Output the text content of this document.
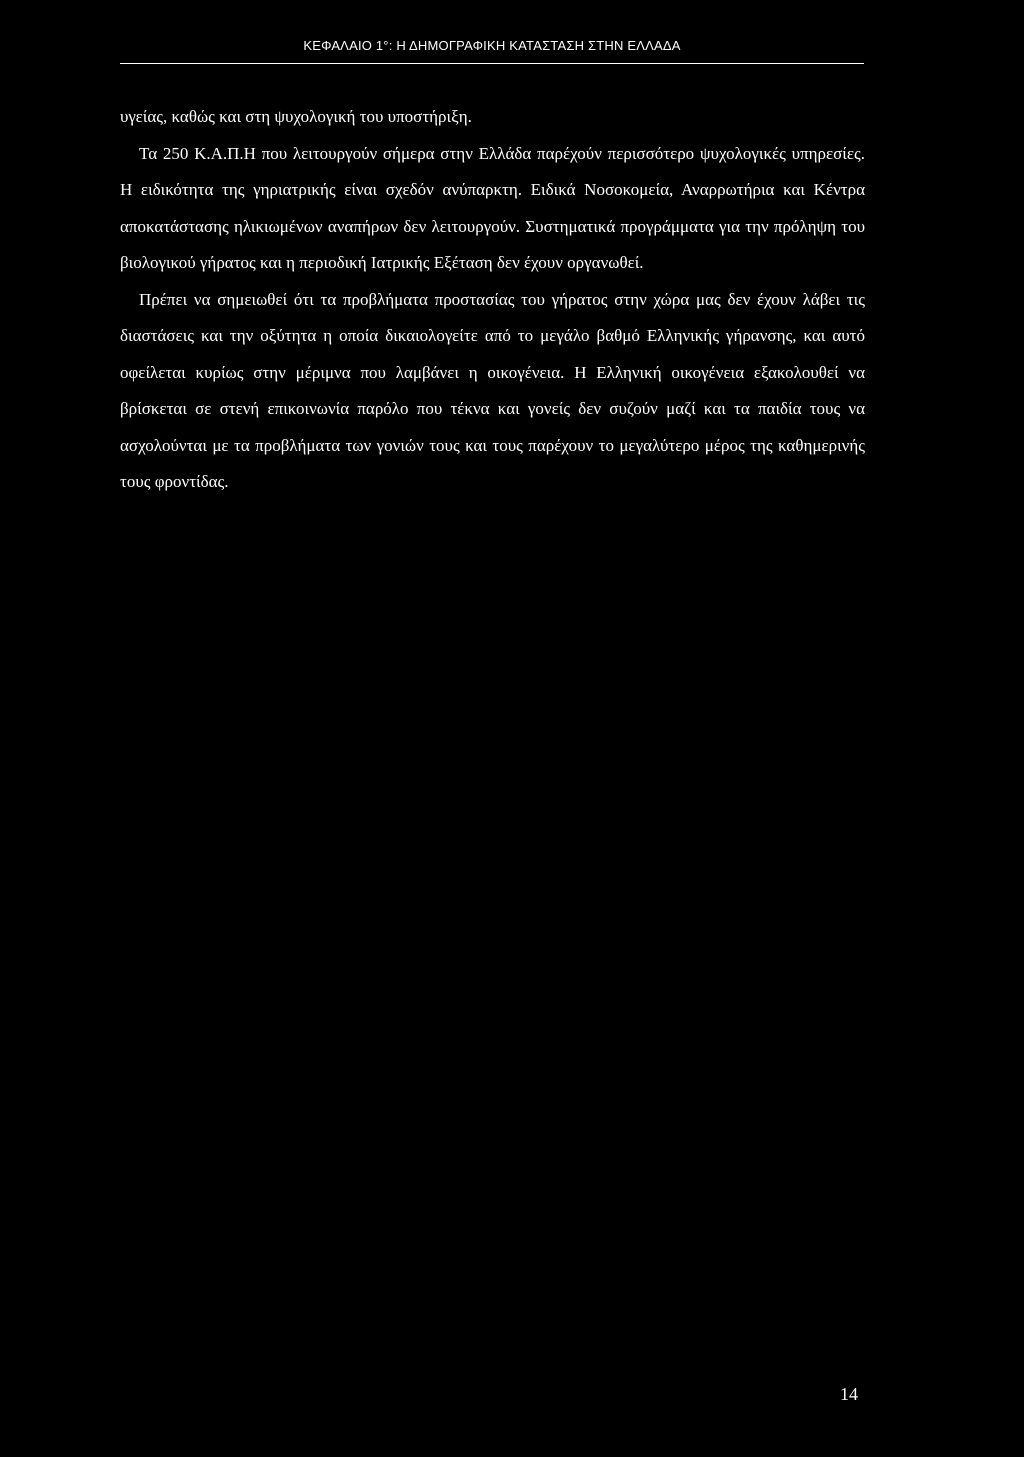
ΚΕΦΑΛΑΙΟ 1°: Η ΔΗΜΟΓΡΑΦΙΚΗ ΚΑΤΑΣΤΑΣΗ ΣΤΗΝ ΕΛΛΑΔΑ

υγείας, καθώς και στη ψυχολογική του υποστήριξη.

Τα 250 Κ.Α.Π.Η που λειτουργούν σήμερα στην Ελλάδα παρέχούν περισσότερο ψυχολογικές υπηρεσίες. Η ειδικότητα της γηριατρικής είναι σχεδόν ανύπαρκτη. Ειδικά Νοσοκομεία, Αναρρωτήρια και Κέντρα αποκατάστασης ηλικιωμένων αναπήρων δεν λειτουργούν. Συστηματικά προγράμματα για την πρόληψη του βιολογικού γήρατος και η περιοδική Ιατρικής Εξέταση δεν έχουν οργανωθεί.

Πρέπει να σημειωθεί ότι τα προβλήματα προστασίας του γήρατος στην χώρα μας δεν έχουν λάβει τις διαστάσεις και την οξύτητα η οποία δικαιολογείτε από το μεγάλο βαθμό Ελληνικής γήρανσης, και αυτό οφείλεται κυρίως στην μέριμνα που λαμβάνει η οικογένεια. Η Ελληνική οικογένεια εξακολουθεί να βρίσκεται σε στενή επικοινωνία παρόλο που τέκνα και γονείς δεν συζούν μαζί και τα παιδία τους να ασχολούνται με τα προβλήματα των γονιών τους και τους παρέχουν το μεγαλύτερο μέρος της καθημερινής τους φροντίδας.

14
